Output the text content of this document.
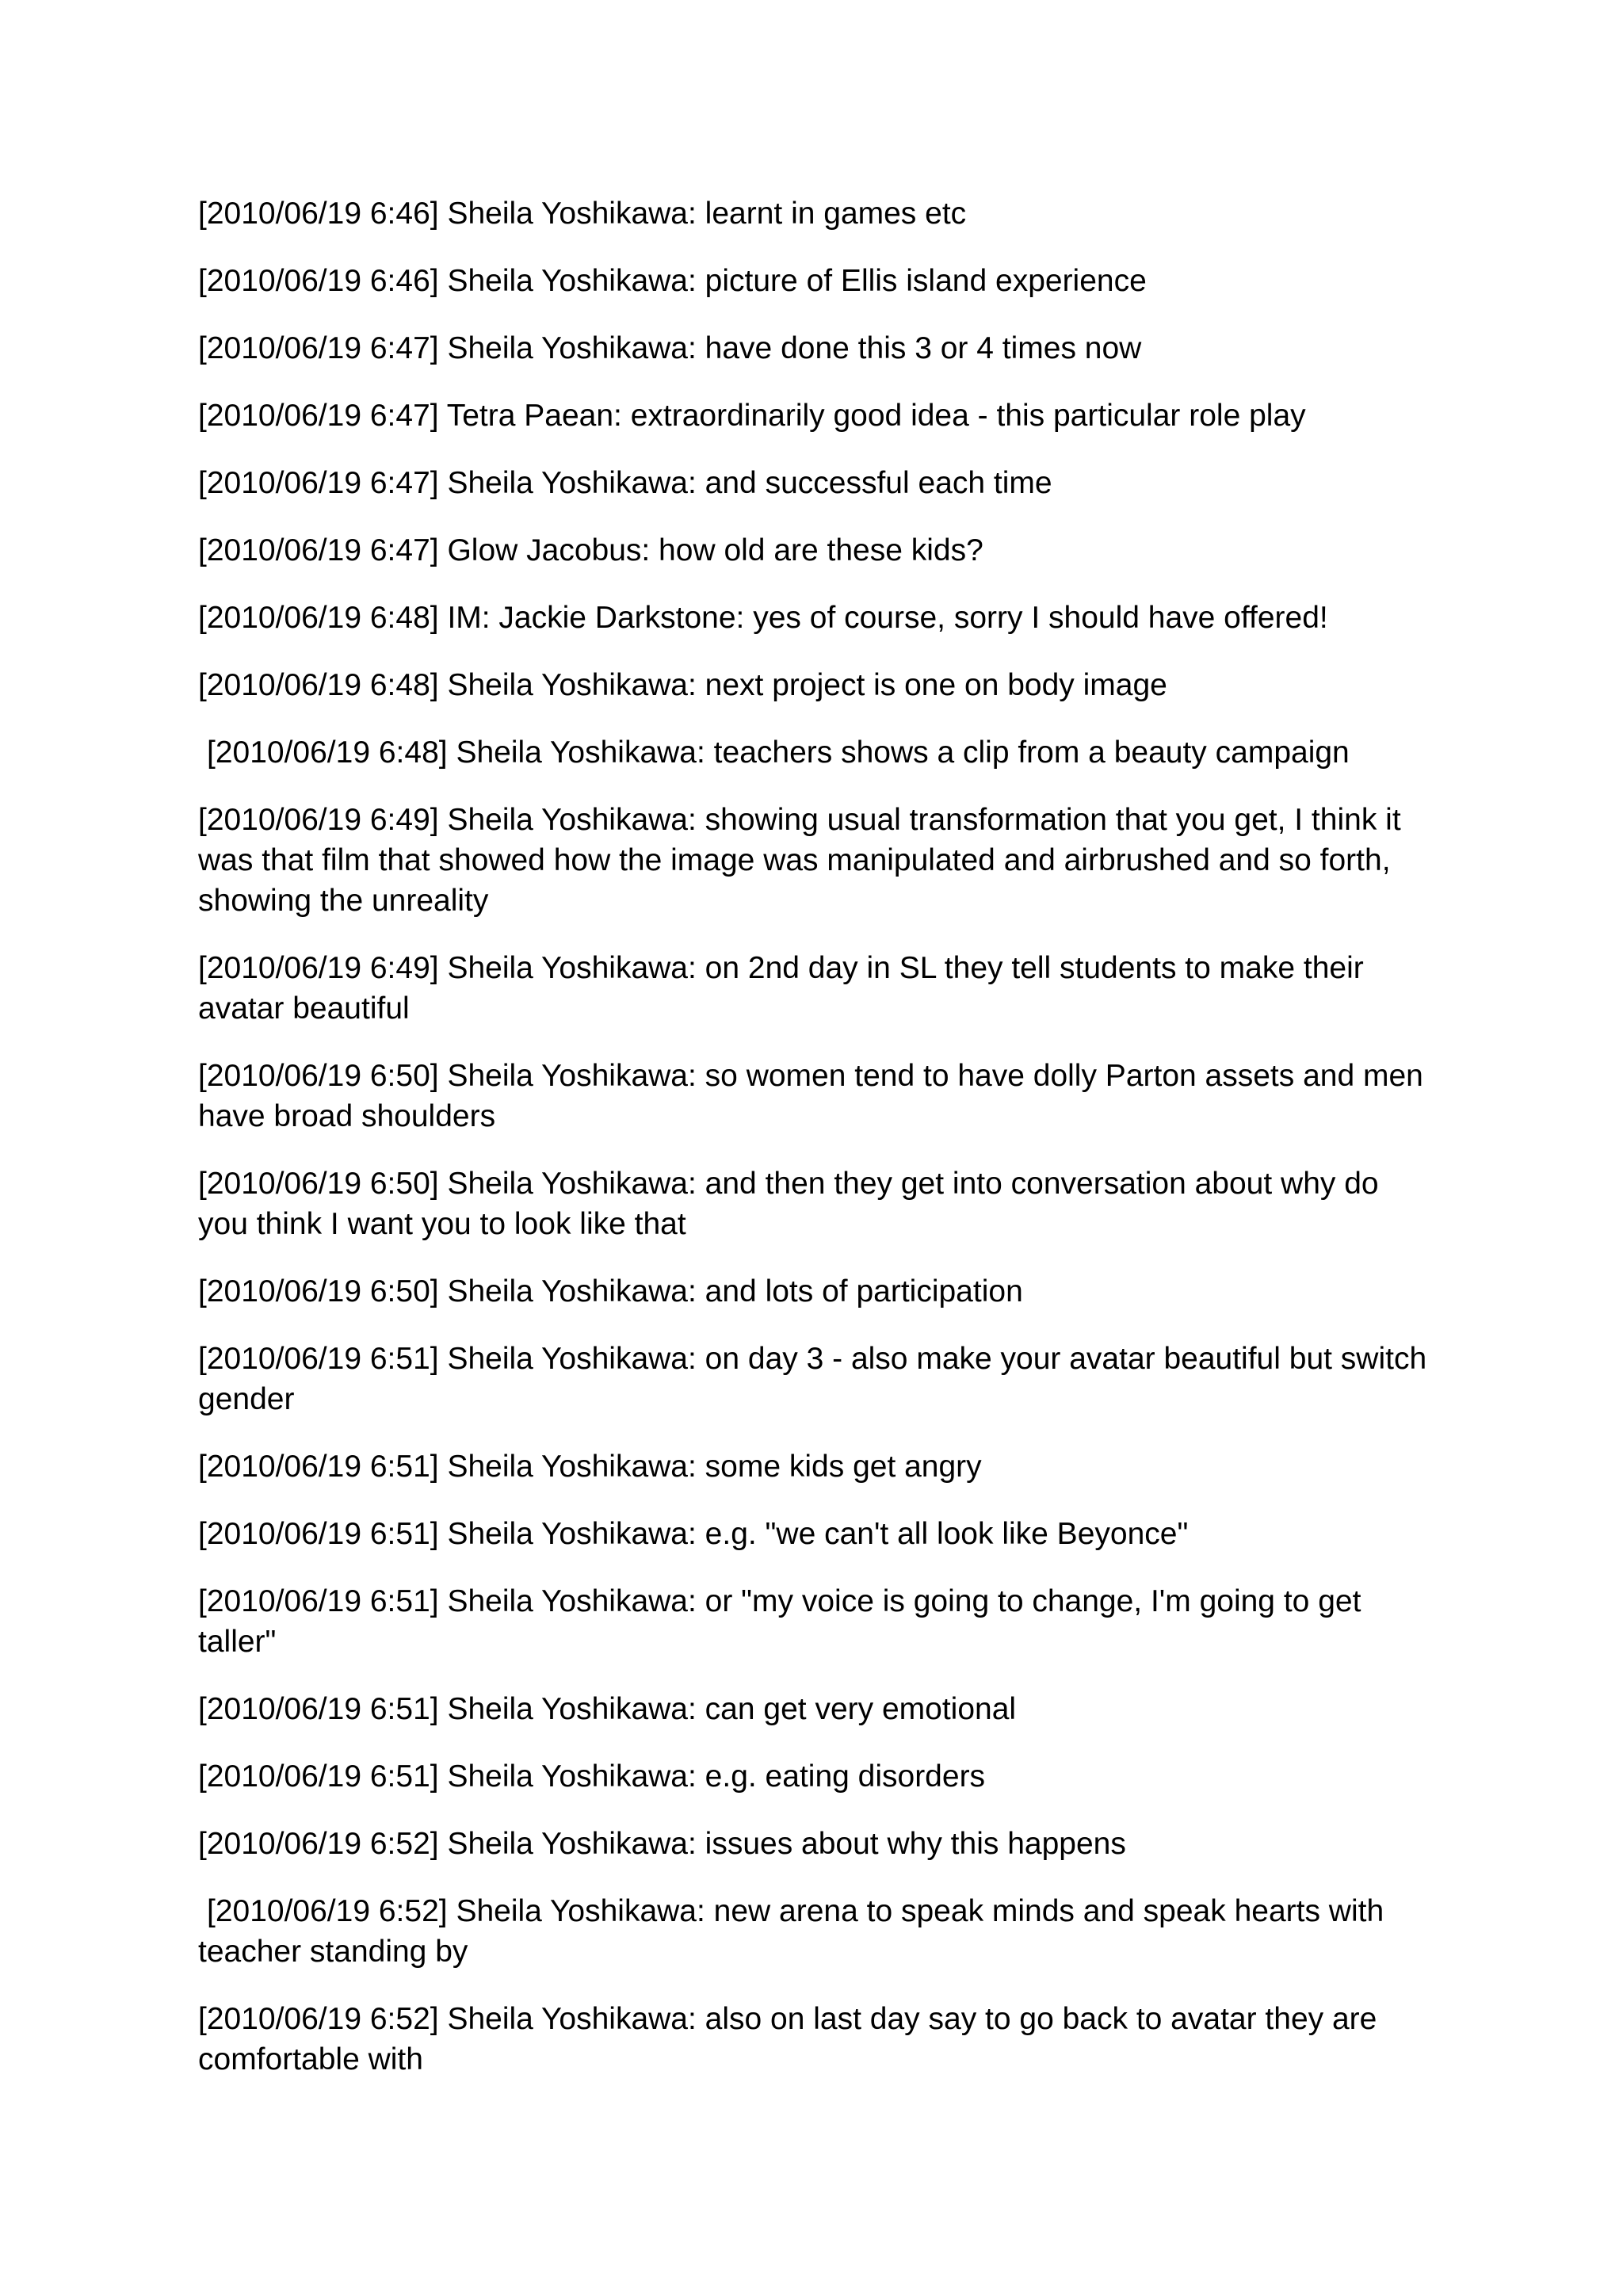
[2010/06/19 6:46] Sheila Yoshikawa: learnt in games etc

[2010/06/19 6:46] Sheila Yoshikawa: picture of Ellis island experience

[2010/06/19 6:47] Sheila Yoshikawa: have done this 3 or 4 times now

[2010/06/19 6:47] Tetra Paean: extraordinarily good idea - this particular role play

[2010/06/19 6:47] Sheila Yoshikawa: and successful each time

[2010/06/19 6:47] Glow Jacobus: how old are these kids?

[2010/06/19 6:48] IM: Jackie Darkstone: yes of course, sorry I should have offered!

[2010/06/19 6:48] Sheila Yoshikawa: next project is one on body image

[2010/06/19 6:48] Sheila Yoshikawa: teachers shows a clip from a beauty campaign

[2010/06/19 6:49] Sheila Yoshikawa: showing usual transformation that you get, I think it was that film that showed how the image was manipulated and airbrushed and so forth, showing the unreality

[2010/06/19 6:49] Sheila Yoshikawa: on 2nd day in SL they tell students to make their avatar beautiful

[2010/06/19 6:50] Sheila Yoshikawa: so women tend to have dolly Parton assets and men have broad shoulders

[2010/06/19 6:50] Sheila Yoshikawa: and then they get into conversation about why do you think I want you to look like that

[2010/06/19 6:50] Sheila Yoshikawa: and lots of participation

[2010/06/19 6:51] Sheila Yoshikawa: on day 3 - also make your avatar beautiful but switch gender

[2010/06/19 6:51] Sheila Yoshikawa: some kids get angry

[2010/06/19 6:51] Sheila Yoshikawa: e.g. "we can't all look like Beyonce"

[2010/06/19 6:51] Sheila Yoshikawa: or "my voice is going to change, I'm going to get taller"

[2010/06/19 6:51] Sheila Yoshikawa: can get very emotional

[2010/06/19 6:51] Sheila Yoshikawa: e.g. eating disorders

[2010/06/19 6:52] Sheila Yoshikawa: issues about why this happens

[2010/06/19 6:52] Sheila Yoshikawa: new arena to speak minds and speak hearts with teacher standing by

[2010/06/19 6:52] Sheila Yoshikawa: also on last day say to go back to avatar they are comfortable with
